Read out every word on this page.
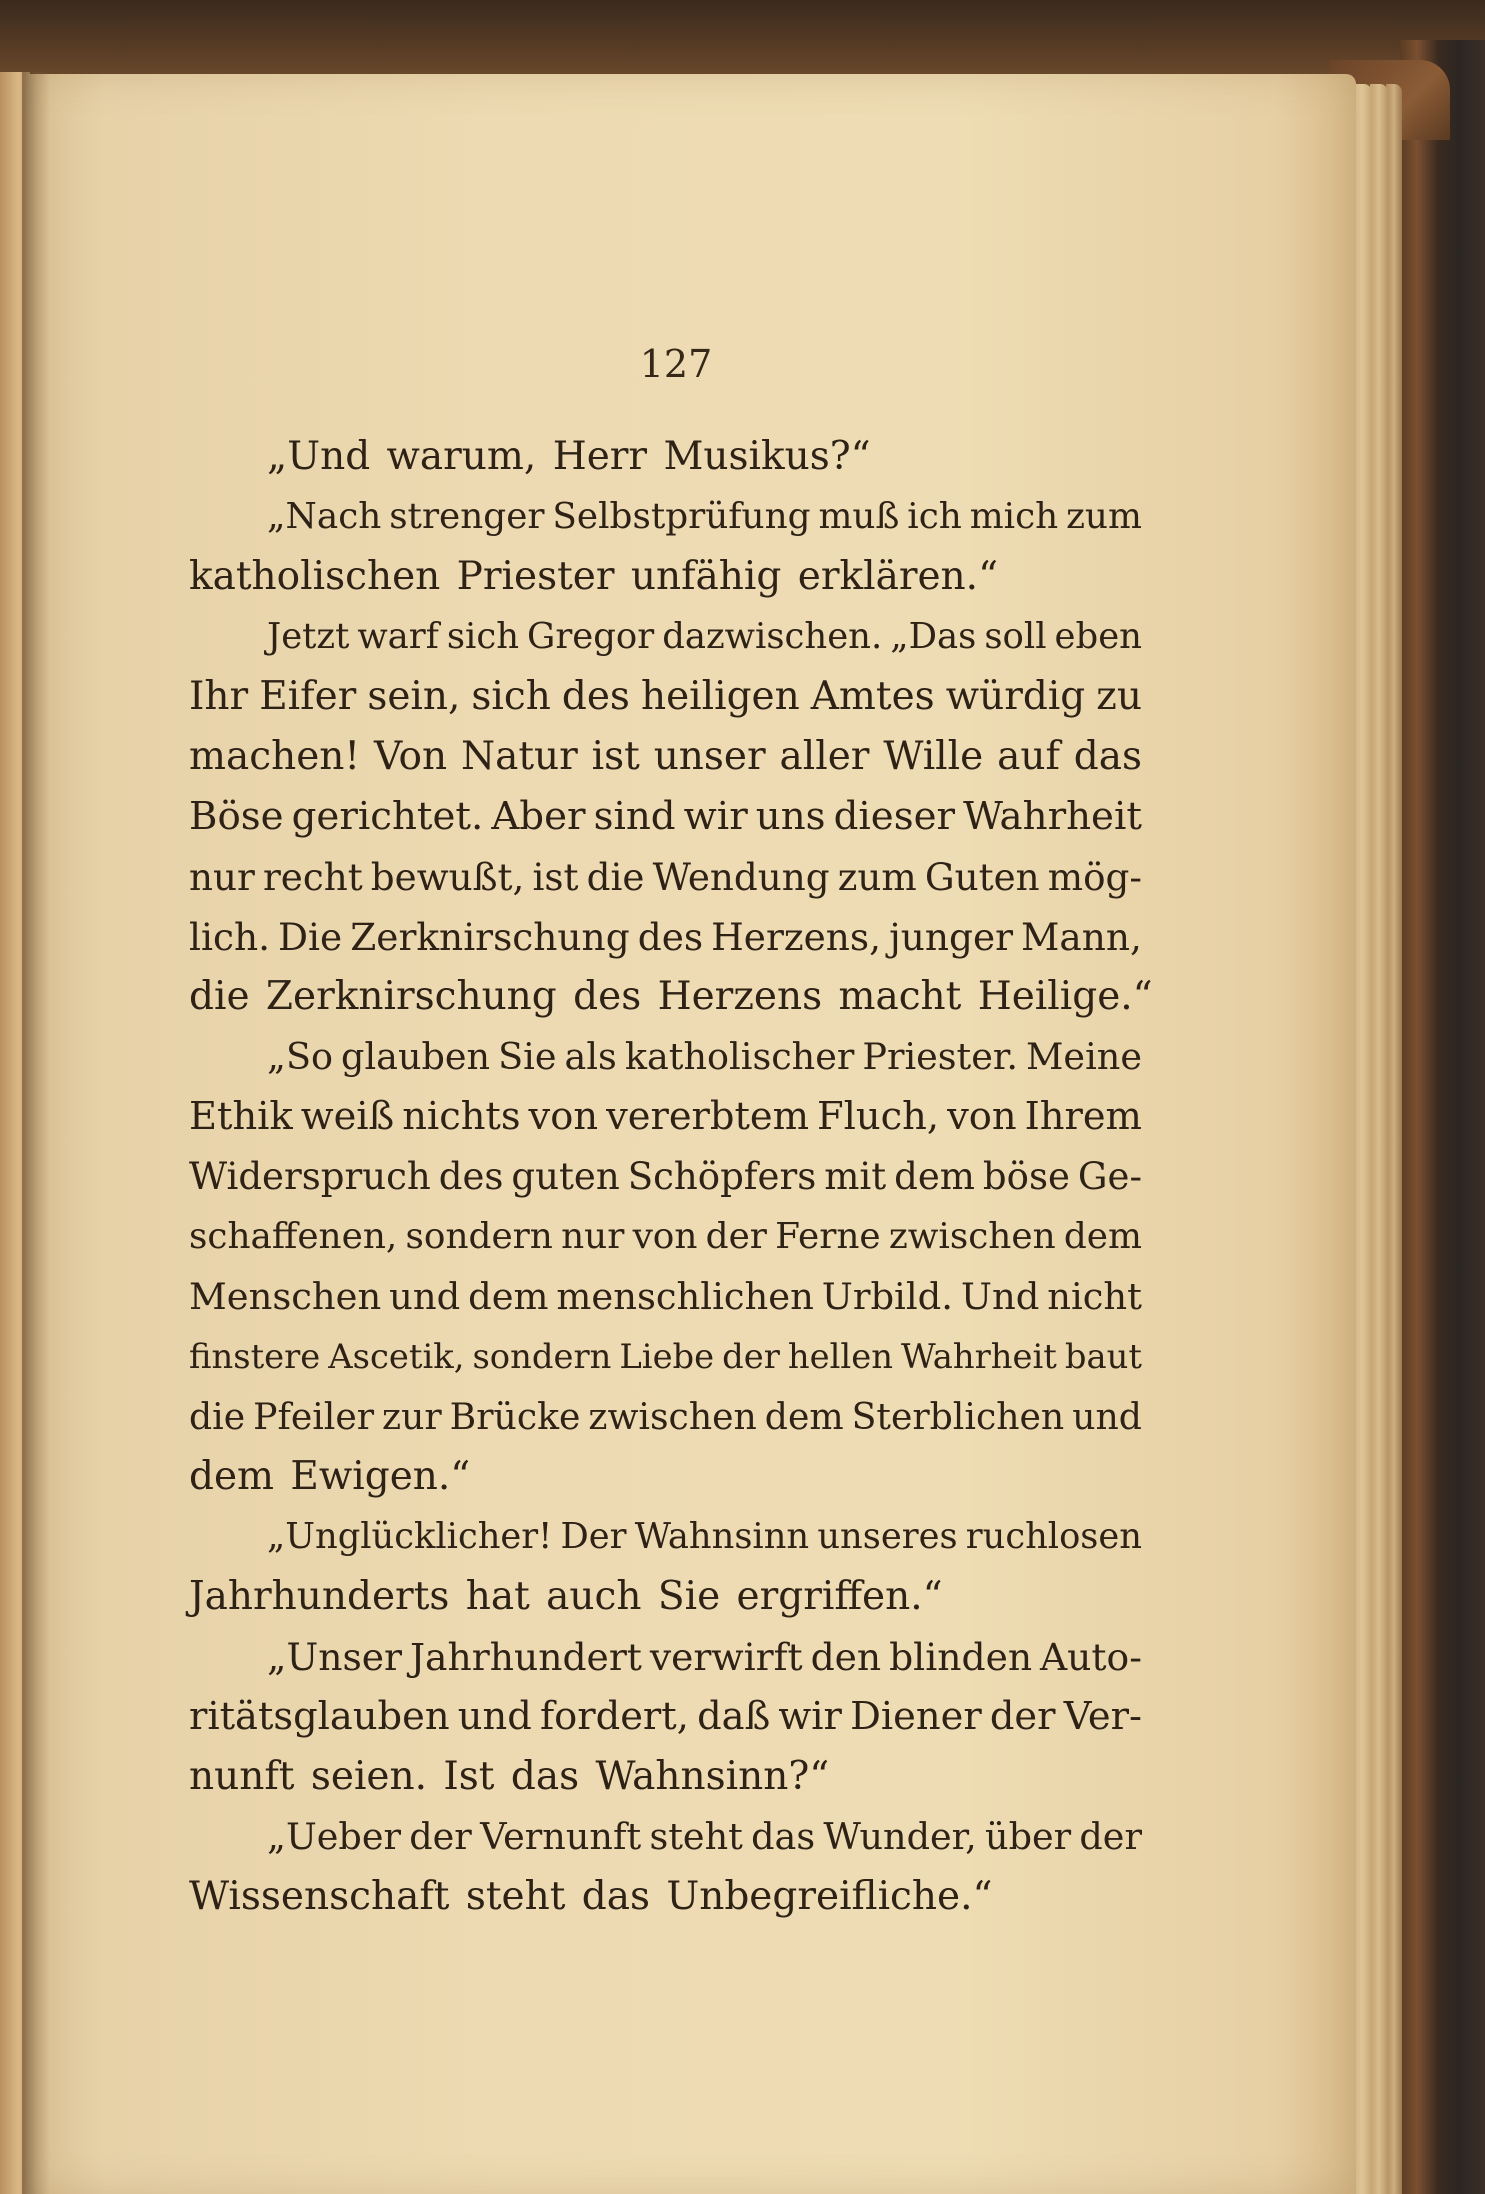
127
„Und warum, Herr Musikus?“
„Nach strenger Selbstprüfung muß ich mich zum
katholischen Priester unfähig erklären.“
Jetzt warf sich Gregor dazwischen. „Das soll eben
Ihr Eifer sein, sich des heiligen Amtes würdig zu
machen! Von Natur ist unser aller Wille auf das
Böse gerichtet. Aber sind wir uns dieser Wahrheit
nur recht bewußt, ist die Wendung zum Guten mög-
lich. Die Zerknirschung des Herzens, junger Mann,
die Zerknirschung des Herzens macht Heilige.“
„So glauben Sie als katholischer Priester. Meine
Ethik weiß nichts von vererbtem Fluch, von Ihrem
Widerspruch des guten Schöpfers mit dem böse Ge-
schaffenen, sondern nur von der Ferne zwischen dem
Menschen und dem menschlichen Urbild. Und nicht
finstere Ascetik, sondern Liebe der hellen Wahrheit baut
die Pfeiler zur Brücke zwischen dem Sterblichen und
dem Ewigen.“
„Unglücklicher! Der Wahnsinn unseres ruchlosen
Jahrhunderts hat auch Sie ergriffen.“
„Unser Jahrhundert verwirft den blinden Auto-
ritätsglauben und fordert, daß wir Diener der Ver-
nunft seien. Ist das Wahnsinn?“
„Ueber der Vernunft steht das Wunder, über der
Wissenschaft steht das Unbegreifliche.“
